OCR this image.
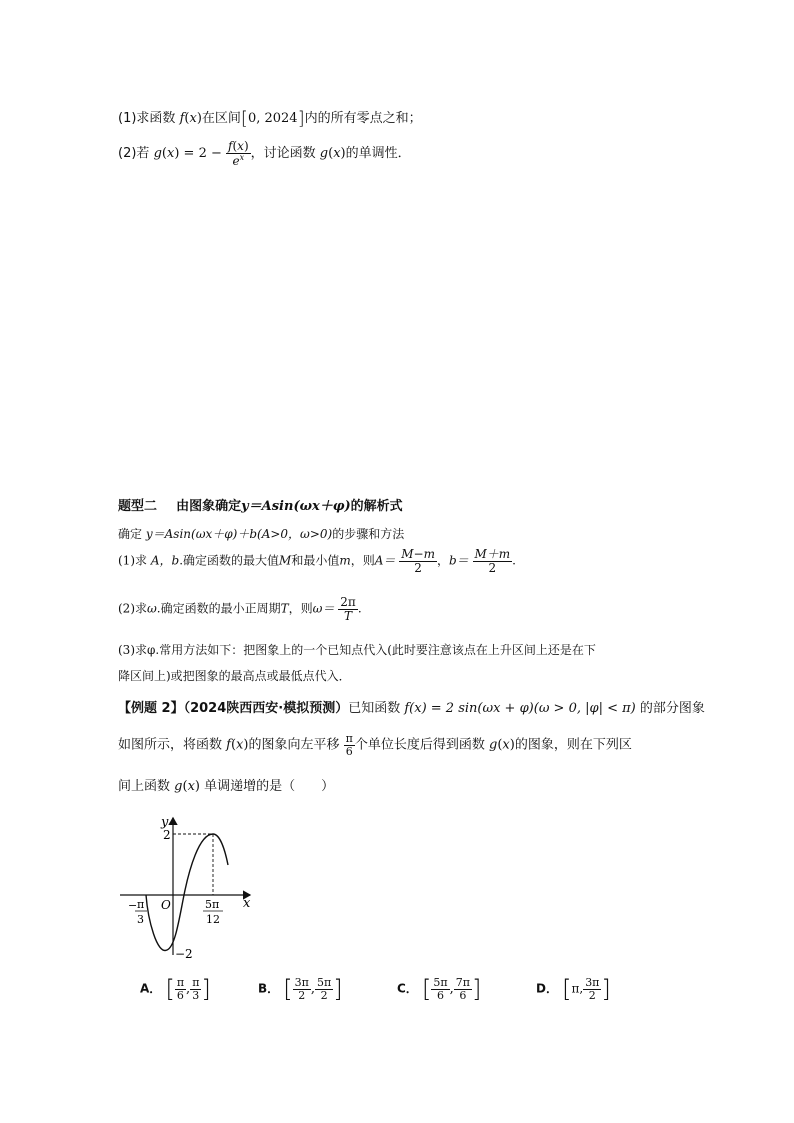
(1)求函数 f(x)在区间[0, 2024]内的所有零点之和；
(2)若 $g(x) = 2 - \frac{f(x)}{e^x}$ ，讨论函数 g(x)的单调性．
题型二 由图象确定y＝Asin(ωx＋φ)的解析式
确定 y＝Asin(ωx＋φ)＋b(A>0，ω>0)的步骤和方法
(1)求 A，b.确定函数的最大值M和最小值m，则$A= \frac{M-m}{2}$ ，$b= \frac{M+m}{2}$ .
(2)求ω.确定函数的最小正周期T，则$\omega= \frac{2\pi}{T}$ .
(3)求φ.常用方法如下：把图象上的一个已知点代入(此时要注意该点在上升区间上还是在下
降区间上)或把图象的最高点或最低点代入．
【例题 2】（2024陕西西安·模拟预测）已知函数 f(x) = 2 sin(ωx + φ)(ω > 0, |φ| < π) 的部分图象
如图所示，将函数 f(x)的图象向左平移 $\frac{\pi}{6}$ 个单位长度后得到函数 g(x)的图象，则在下列区
间上函数 g(x) 单调递增的是（　　）
y
x
O
2
−2
− π
3
5π
12
A． [ $\frac{\pi}{6}$ , $\frac{\pi}{3}$ ]	B． [ $\frac{3\pi}{2}$ , $\frac{5\pi}{2}$ ]	C． [ $\frac{5\pi}{6}$ , $\frac{7\pi}{6}$ ]	D． [π, $\frac{3\pi}{2}$ ]
